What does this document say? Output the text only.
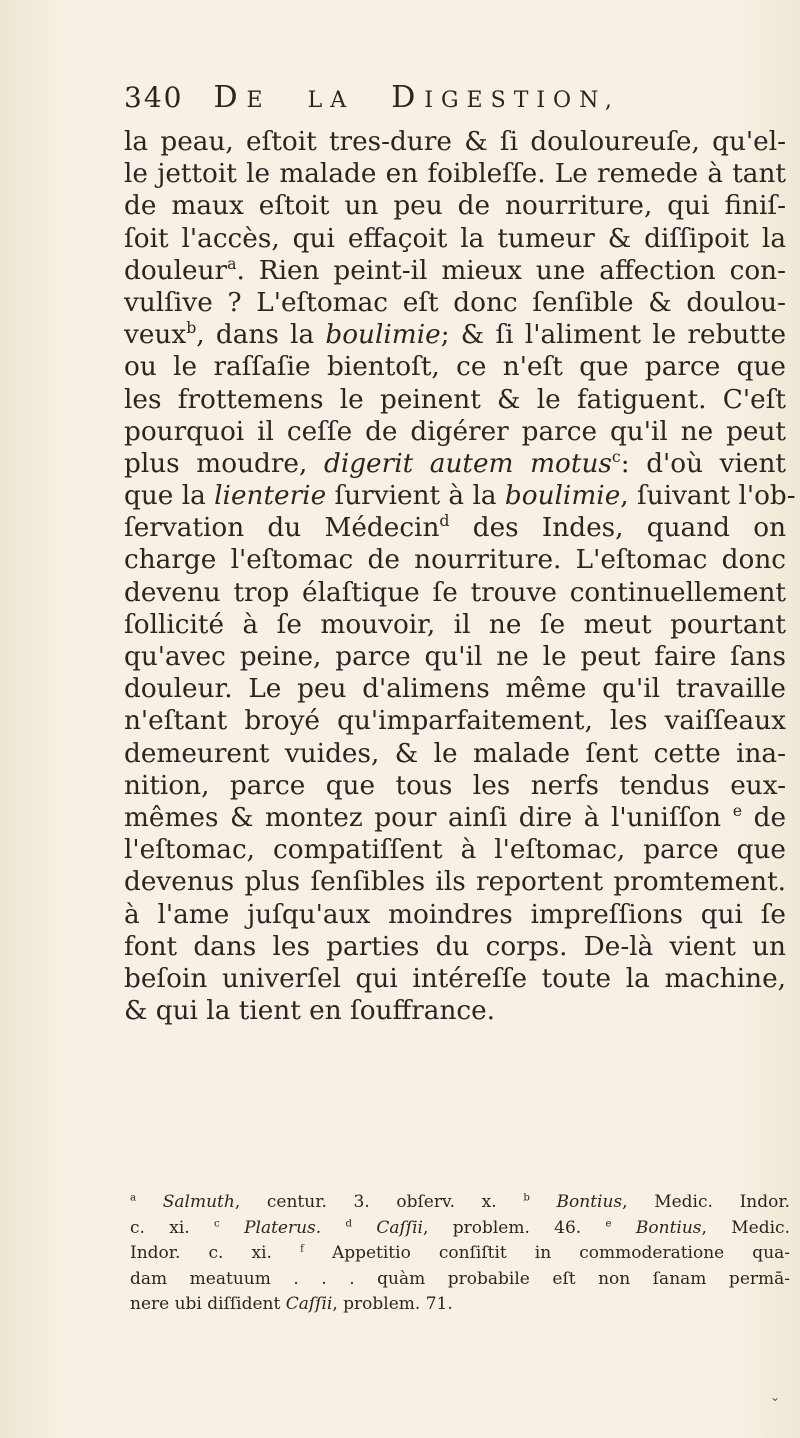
340 DE LA DIGESTION,
la peau, eſtoit tres-dure & ſi douloureuſe, qu'el-
le jettoit le malade en foibleſſe. Le remede à tant
de maux eſtoit un peu de nourriture, qui finiſ-
ſoit l'accès, qui effaçoit la tumeur & diſſipoit la
douleur$^a$. Rien peint-il mieux une affection con-
vulſive ? L'eſtomac eſt donc ſenſible & doulou-
veux$^b$, dans la boulimie; & ſi l'aliment le rebutte
ou le raſſaſie bientoſt, ce n'eſt que parce que
les frottemens le peinent & le fatiguent. C'eſt
pourquoi il ceſſe de digérer parce qu'il ne peut
plus moudre, digerit autem motus$^c$: d'où vient
que la lienterie ſurvient à la boulimie, ſuivant l'ob-
ſervation du Médecin$^d$ des Indes, quand on
charge l'eſtomac de nourriture. L'eſtomac donc
devenu trop élaſtique ſe trouve continuellement
ſollicité à ſe mouvoir, il ne ſe meut pourtant
qu'avec peine, parce qu'il ne le peut faire ſans
douleur. Le peu d'alimens même qu'il travaille
n'eſtant broyé qu'imparfaitement, les vaiſſeaux
demeurent vuides, & le malade ſent cette ina-
nition, parce que tous les nerfs tendus eux-
mêmes & montez pour ainſi dire à l'uniſſon $^e$ de
l'eſtomac, compatiſſent à l'eſtomac, parce que
devenus plus ſenſibles ils reportent promtement.
à l'ame juſqu'aux moindres impreſſions qui ſe
font dans les parties du corps. De-là vient un
beſoin univerſel qui intéreſſe toute la machine,
& qui la tient en ſouffrance.
$^a$ Salmuth, centur. 3. obſerv. x.	$^b$ Bontius, Medic. Indor.
c. xi. $^c$ Platerus. $^d$ Caſſii, problem. 46. $^e$ Bontius, Medic.
Indor. c. xi.	$^f$ Appetitio conſiſtit in commoderatione qua-
dam meatuum . . . quàm probabile eſt non ſanam permā-
nere ubi diſſident Caſſii, problem. 71.
⌄
